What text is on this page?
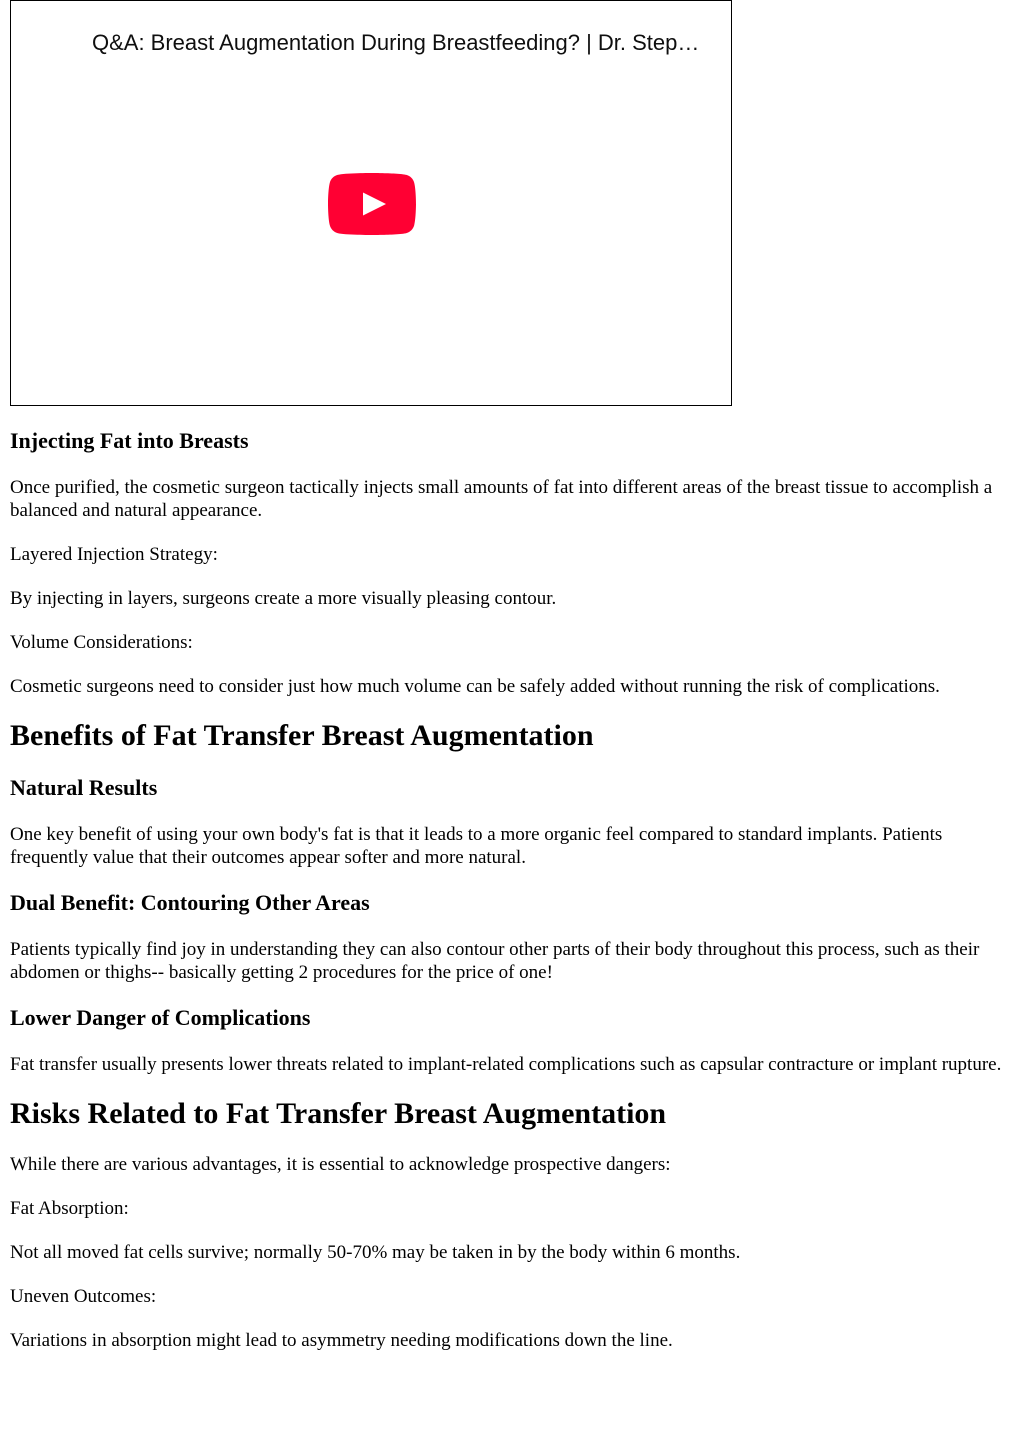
Q&A: Breast Augmentation During Breastfeeding? | Dr. Step…
Injecting Fat into Breasts

Once purified, the cosmetic surgeon tactically injects small amounts of fat into different areas of the breast tissue to accomplish a balanced and natural appearance.

Layered Injection Strategy:

By injecting in layers, surgeons create a more visually pleasing contour.

Volume Considerations:

Cosmetic surgeons need to consider just how much volume can be safely added without running the risk of complications.

Benefits of Fat Transfer Breast Augmentation
Natural Results

One key benefit of using your own body's fat is that it leads to a more organic feel compared to standard implants. Patients frequently value that their outcomes appear softer and more natural.

Dual Benefit: Contouring Other Areas

Patients typically find joy in understanding they can also contour other parts of their body throughout this process, such as their abdomen or thighs-- basically getting 2 procedures for the price of one!

Lower Danger of Complications

Fat transfer usually presents lower threats related to implant-related complications such as capsular contracture or implant rupture.

Risks Related to Fat Transfer Breast Augmentation

While there are various advantages, it is essential to acknowledge prospective dangers:

Fat Absorption:

Not all moved fat cells survive; normally 50-70% may be taken in by the body within 6 months.

Uneven Outcomes:

Variations in absorption might lead to asymmetry needing modifications down the line.
